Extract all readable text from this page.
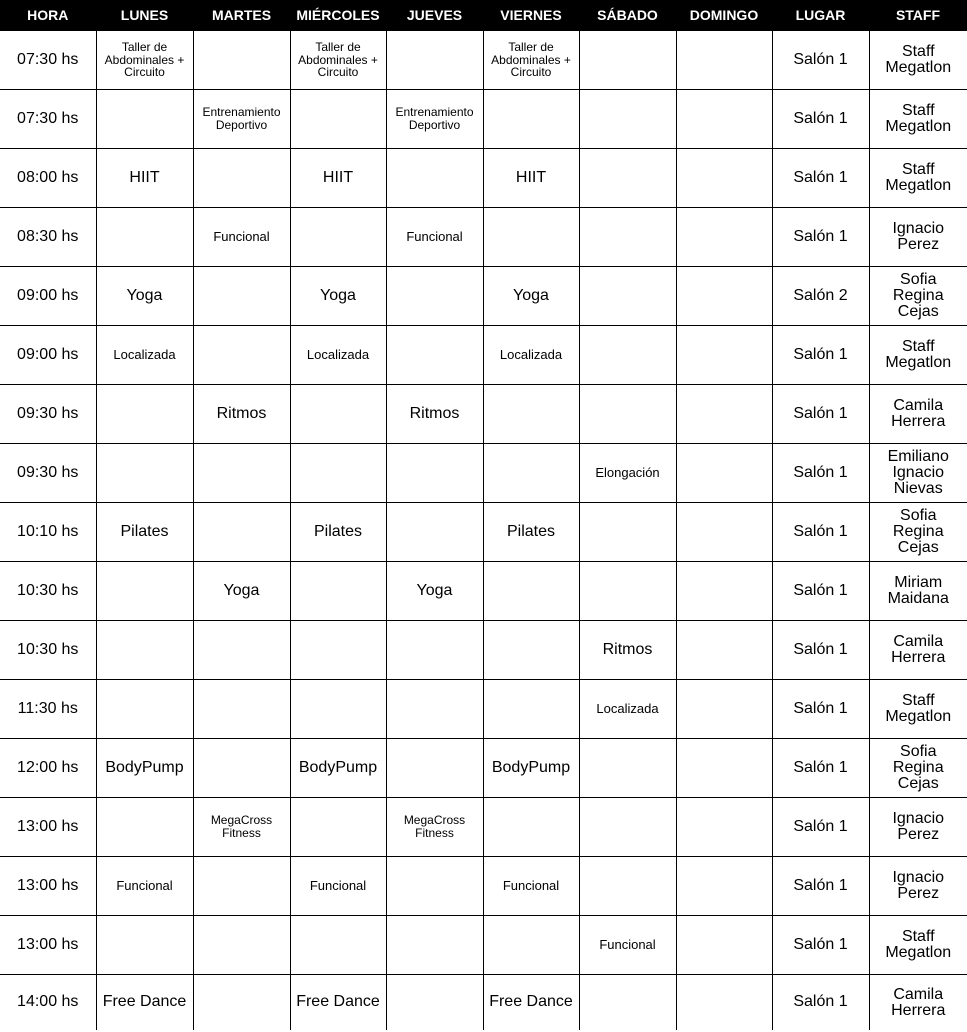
HORA	LUNES	MARTES	MIÉRCOLES	JUEVES	VIERNES	SÁBADO	DOMINGO	LUGAR	STAFF
07:30 hs	Taller de
Abdominales +
Circuito		Taller de
Abdominales +
Circuito		Taller de
Abdominales +
Circuito			Salón 1	Staff
Megatlon
07:30 hs		Entrenamiento
Deportivo		Entrenamiento
Deportivo				Salón 1	Staff
Megatlon
08:00 hs	HIIT		HIIT		HIIT			Salón 1	Staff
Megatlon
08:30 hs		Funcional		Funcional				Salón 1	Ignacio
Perez
09:00 hs	Yoga		Yoga		Yoga			Salón 2	Sofia
Regina
Cejas
09:00 hs	Localizada		Localizada		Localizada			Salón 1	Staff
Megatlon
09:30 hs		Ritmos		Ritmos				Salón 1	Camila
Herrera
09:30 hs						Elongación		Salón 1	Emiliano
Ignacio
Nievas
10:10 hs	Pilates		Pilates		Pilates			Salón 1	Sofia
Regina
Cejas
10:30 hs		Yoga		Yoga				Salón 1	Miriam
Maidana
10:30 hs						Ritmos		Salón 1	Camila
Herrera
11:30 hs						Localizada		Salón 1	Staff
Megatlon
12:00 hs	BodyPump		BodyPump		BodyPump			Salón 1	Sofia
Regina
Cejas
13:00 hs		MegaCross
Fitness		MegaCross
Fitness				Salón 1	Ignacio
Perez
13:00 hs	Funcional		Funcional		Funcional			Salón 1	Ignacio
Perez
13:00 hs						Funcional		Salón 1	Staff
Megatlon
14:00 hs	Free Dance		Free Dance		Free Dance			Salón 1	Camila
Herrera
